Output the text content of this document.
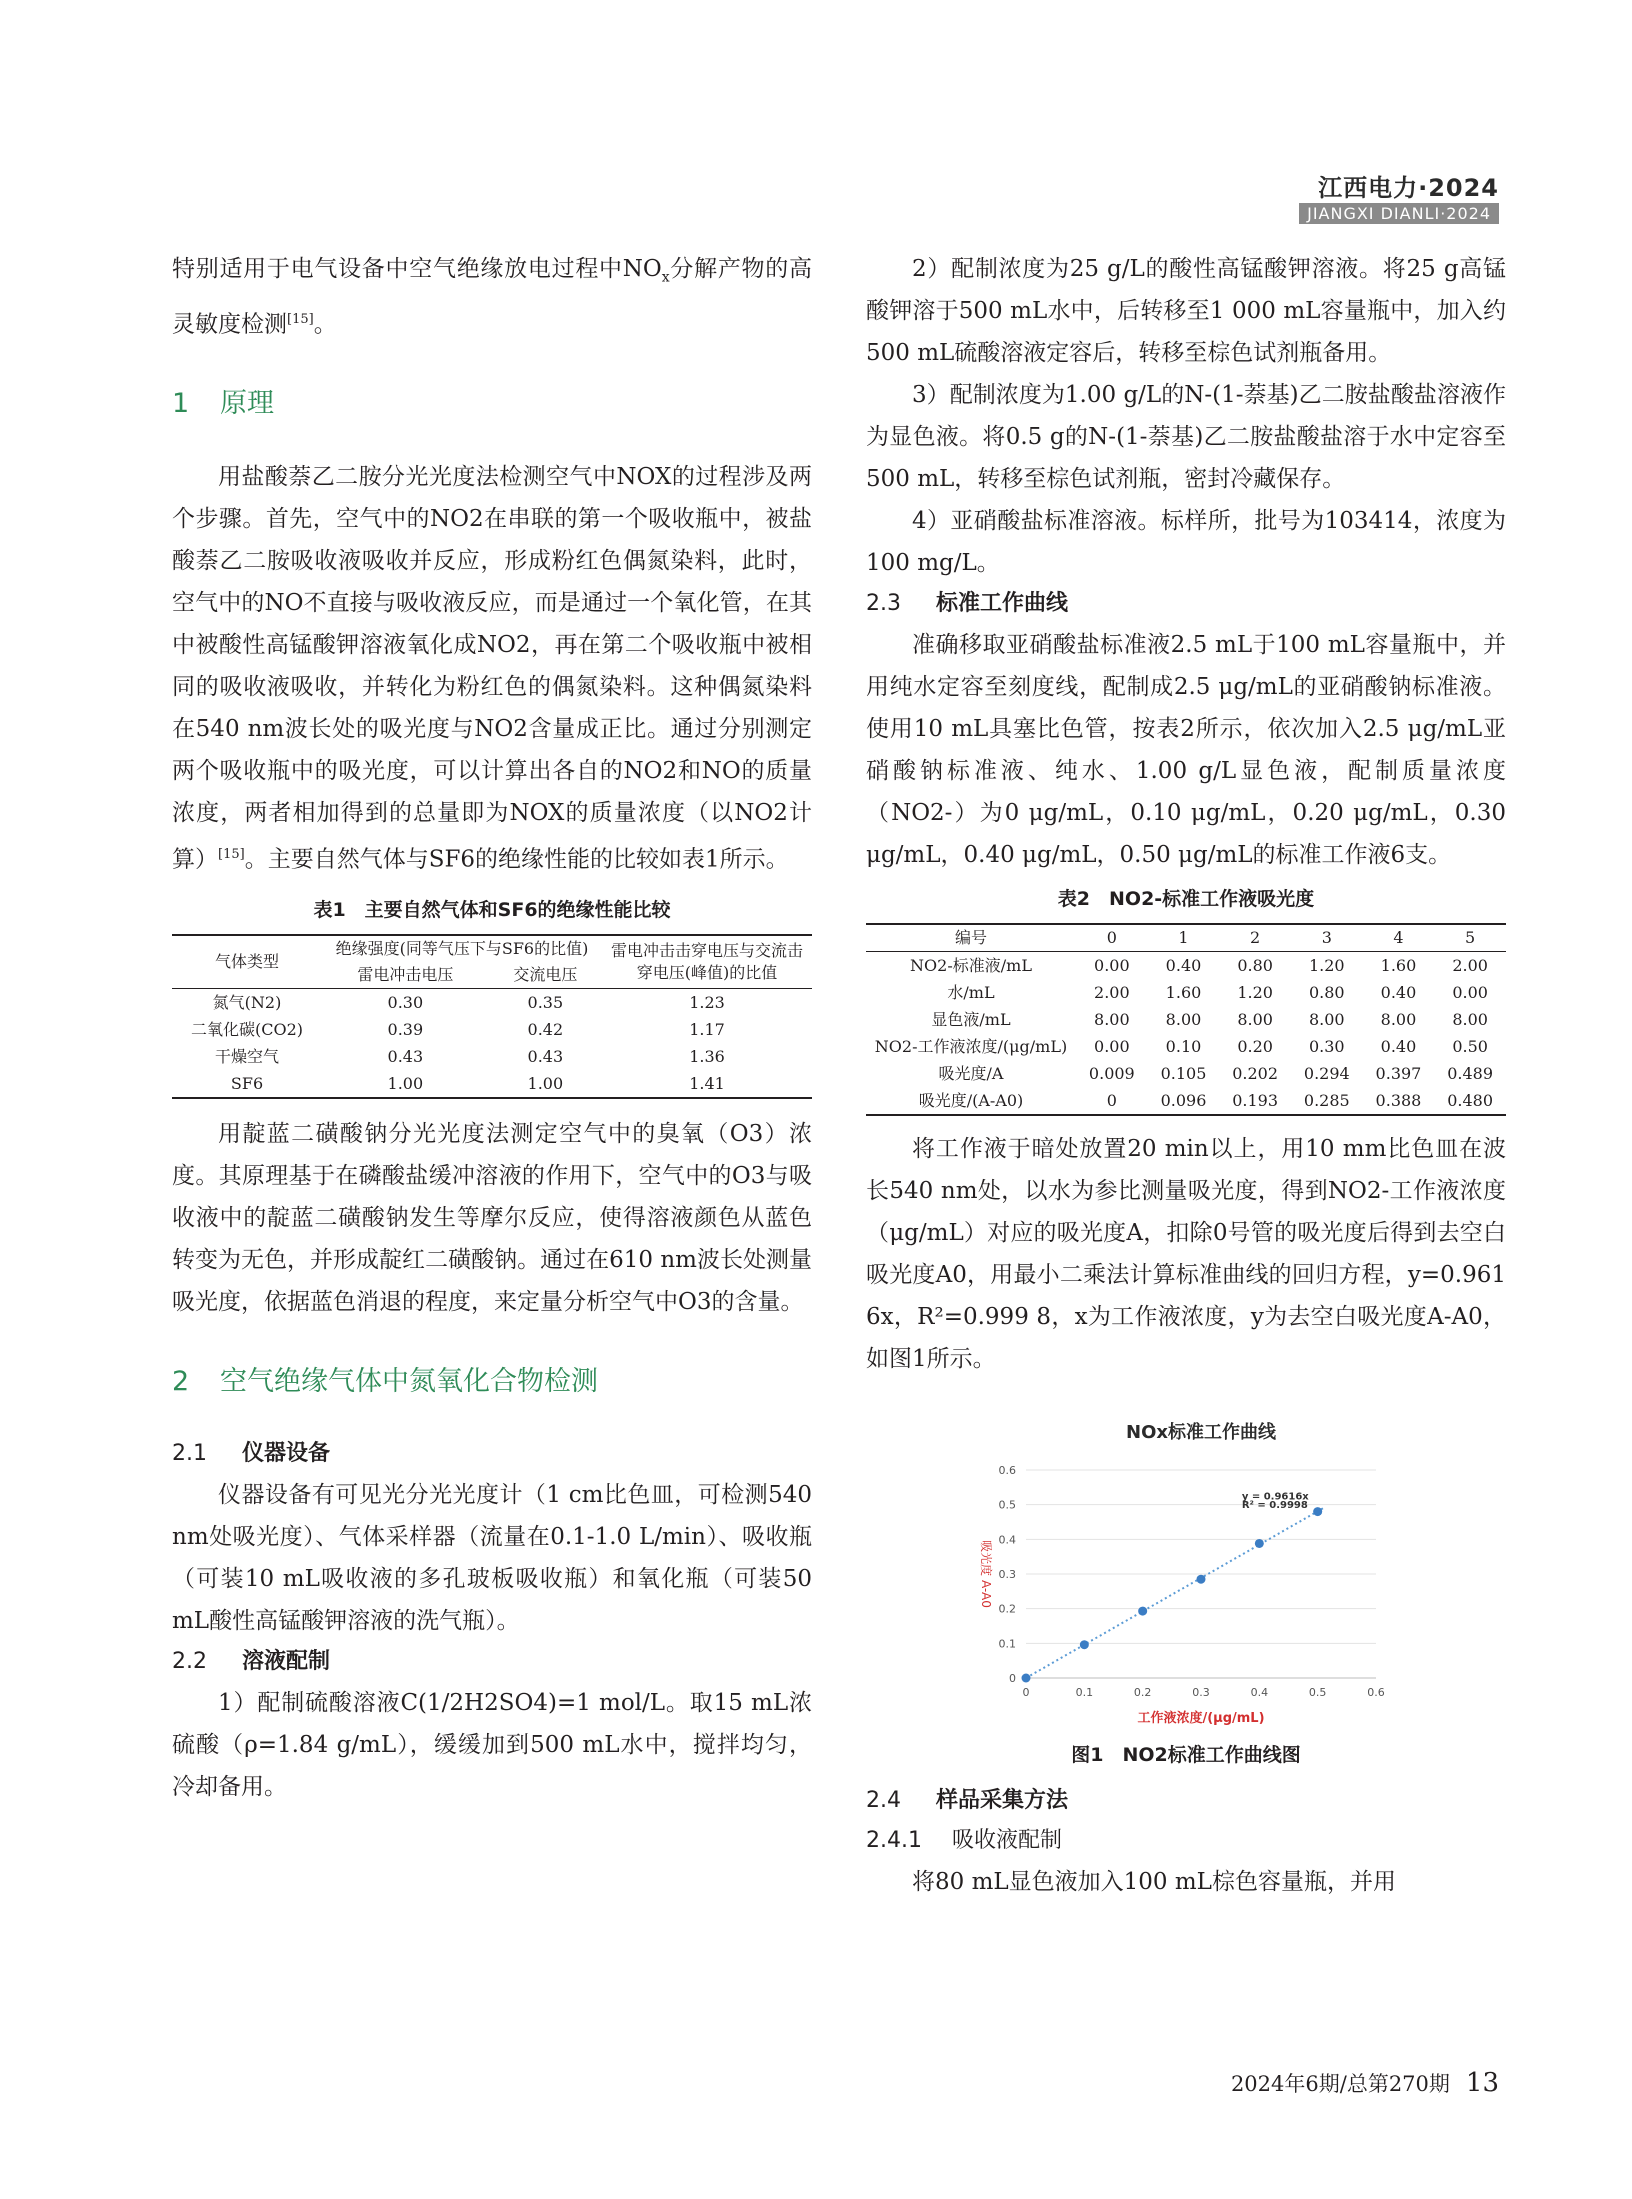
江西电力·2024
JIANGXI DIANLI·2024

特别适用于电气设备中空气绝缘放电过程中$NO_x$分解产物的高灵敏度检测[15]。

1 原理

用盐酸萘乙二胺分光光度法检测空气中NOX的过程涉及两个步骤。首先，空气中的NO2在串联的第一个吸收瓶中，被盐酸萘乙二胺吸收液吸收并反应，形成粉红色偶氮染料，此时，空气中的NO不直接与吸收液反应，而是通过一个氧化管，在其中被酸性高锰酸钾溶液氧化成NO2，再在第二个吸收瓶中被相同的吸收液吸收，并转化为粉红色的偶氮染料。这种偶氮染料在540 nm波长处的吸光度与NO2含量成正比。通过分别测定两个吸收瓶中的吸光度，可以计算出各自的NO2和NO的质量浓度，两者相加得到的总量即为NOX的质量浓度（以NO2计算）[15]。主要自然气体与SF6的绝缘性能的比较如表1所示。

表1　主要自然气体和SF6的绝缘性能比较
气体类型	绝缘强度(同等气压下与SF6的比值)		雷电冲击击穿电压与交流击穿电压(峰值)的比值
	雷电冲击电压	交流电压	
氮气(N2)	0.30	0.35	1.23
二氧化碳(CO2)	0.39	0.42	1.17
干燥空气	0.43	0.43	1.36
SF6	1.00	1.00	1.41

用靛蓝二磺酸钠分光光度法测定空气中的臭氧（O3）浓度。其原理基于在磷酸盐缓冲溶液的作用下，空气中的O3与吸收液中的靛蓝二磺酸钠发生等摩尔反应，使得溶液颜色从蓝色转变为无色，并形成靛红二磺酸钠。通过在610 nm波长处测量吸光度，依据蓝色消退的程度，来定量分析空气中O3的含量。

2 空气绝缘气体中氮氧化合物检测
2.1 仪器设备

仪器设备有可见光分光光度计（1 cm比色皿，可检测540 nm处吸光度）、气体采样器（流量在0.1-1.0 L/min）、吸收瓶（可装10 mL吸收液的多孔玻板吸收瓶）和氧化瓶（可装50 mL酸性高锰酸钾溶液的洗气瓶）。

2.2 溶液配制

1）配制硫酸溶液C(1/2H2SO4)=1 mol/L。取15 mL浓硫酸（ρ=1.84 g/mL），缓缓加到500 mL水中，搅拌均匀，冷却备用。

2）配制浓度为25 g/L的酸性高锰酸钾溶液。将25 g高锰酸钾溶于500 mL水中，后转移至1 000 mL容量瓶中，加入约500 mL硫酸溶液定容后，转移至棕色试剂瓶备用。

3）配制浓度为1.00 g/L的N-(1-萘基)乙二胺盐酸盐溶液作为显色液。将0.5 g的N-(1-萘基)乙二胺盐酸盐溶于水中定容至500 mL，转移至棕色试剂瓶，密封冷藏保存。

4）亚硝酸盐标准溶液。标样所，批号为103414，浓度为100 mg/L。

2.3 标准工作曲线

准确移取亚硝酸盐标准液2.5 mL于100 mL容量瓶中，并用纯水定容至刻度线，配制成2.5 μg/mL的亚硝酸钠标准液。使用10 mL具塞比色管，按表2所示，依次加入2.5 μg/mL亚硝酸钠标准液、纯水、1.00 g/L显色液，配制质量浓度（NO2-）为0 μg/mL，0.10 μg/mL，0.20 μg/mL，0.30 μg/mL，0.40 μg/mL，0.50 μg/mL的标准工作液6支。

表2　NO2-标准工作液吸光度
编号	0	1	2	3	4	5
NO2-标准液/mL	0.00	0.40	0.80	1.20	1.60	2.00
水/mL	2.00	1.60	1.20	0.80	0.40	0.00
显色液/mL	8.00	8.00	8.00	8.00	8.00	8.00
NO2-工作液浓度/(μg/mL)	0.00	0.10	0.20	0.30	0.40	0.50
吸光度/A	0.009	0.105	0.202	0.294	0.397	0.489
吸光度/(A-A0)	0	0.096	0.193	0.285	0.388	0.480

将工作液于暗处放置20 min以上，用10 mm比色皿在波长540 nm处，以水为参比测量吸光度，得到NO2-工作液浓度（μg/mL）对应的吸光度A，扣除0号管的吸光度后得到去空白吸光度A0，用最小二乘法计算标准曲线的回归方程，y=0.961 6x，R²=0.999 8，x为工作液浓度，y为去空白吸光度A-A0，如图1所示。

NOx标准工作曲线
0
0.1
0.2
0.3
0.4
0.5
0.6
0	0.1	0.2	0.3	0.4	0.5	0.6
y = 0.9616x
R² = 0.9998
工作液浓度/(μg/mL)
吸光度 A-A0
图1　NO2标准工作曲线图
2.4 样品采集方法
2.4.1 吸收液配制

将80 mL显色液加入100 mL棕色容量瓶，并用

2024年6期/总第270期 13
